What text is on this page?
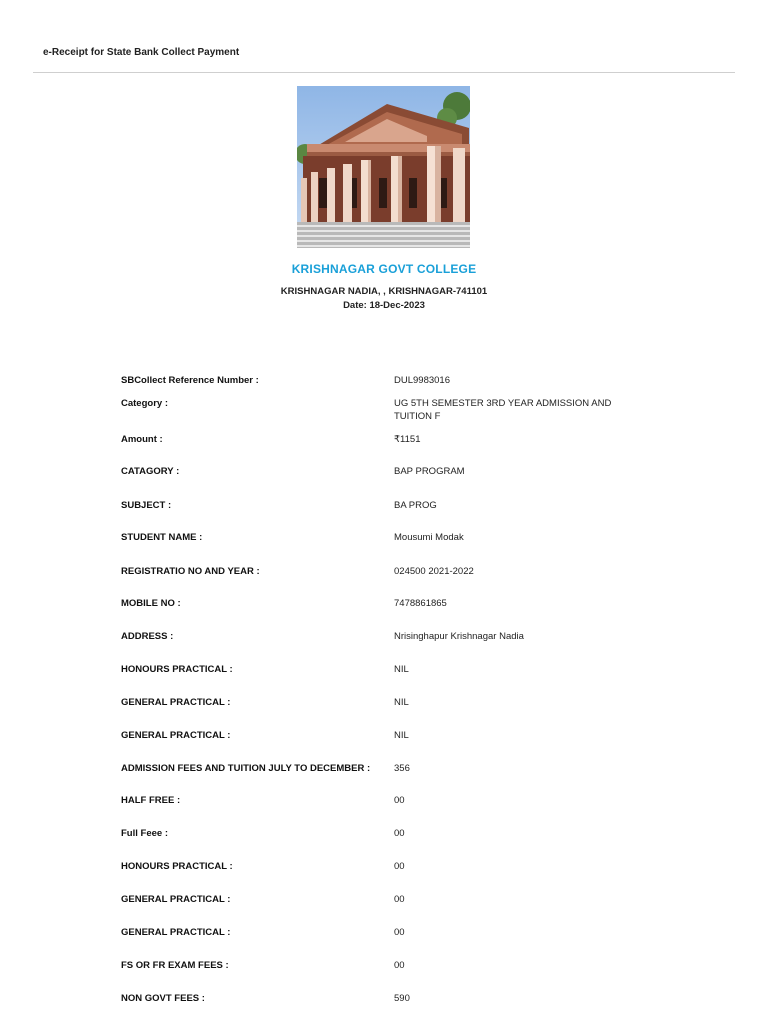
e-Receipt for State Bank Collect Payment
KRISHNAGAR GOVT COLLEGE
KRISHNAGAR NADIA, , KRISHNAGAR-741101
Date: 18-Dec-2023
SBCollect Reference Number :	DUL9983016
Category :	UG 5TH SEMESTER 3RD YEAR ADMISSION AND TUITION F
Amount :	₹1151
CATAGORY :	BAP PROGRAM
SUBJECT :	BA PROG
STUDENT NAME :	Mousumi Modak
REGISTRATIO NO AND YEAR :	024500 2021-2022
MOBILE NO :	7478861865
ADDRESS :	Nrisinghapur Krishnagar Nadia
HONOURS PRACTICAL :	NIL
GENERAL PRACTICAL :	NIL
GENERAL PRACTICAL :	NIL
ADMISSION FEES AND TUITION JULY TO DECEMBER :	356
HALF FREE :	00
Full Feee :	00
HONOURS PRACTICAL :	00
GENERAL PRACTICAL :	00
GENERAL PRACTICAL :	00
FS OR FR EXAM FEES :	00
NON GOVT FEES :	590
